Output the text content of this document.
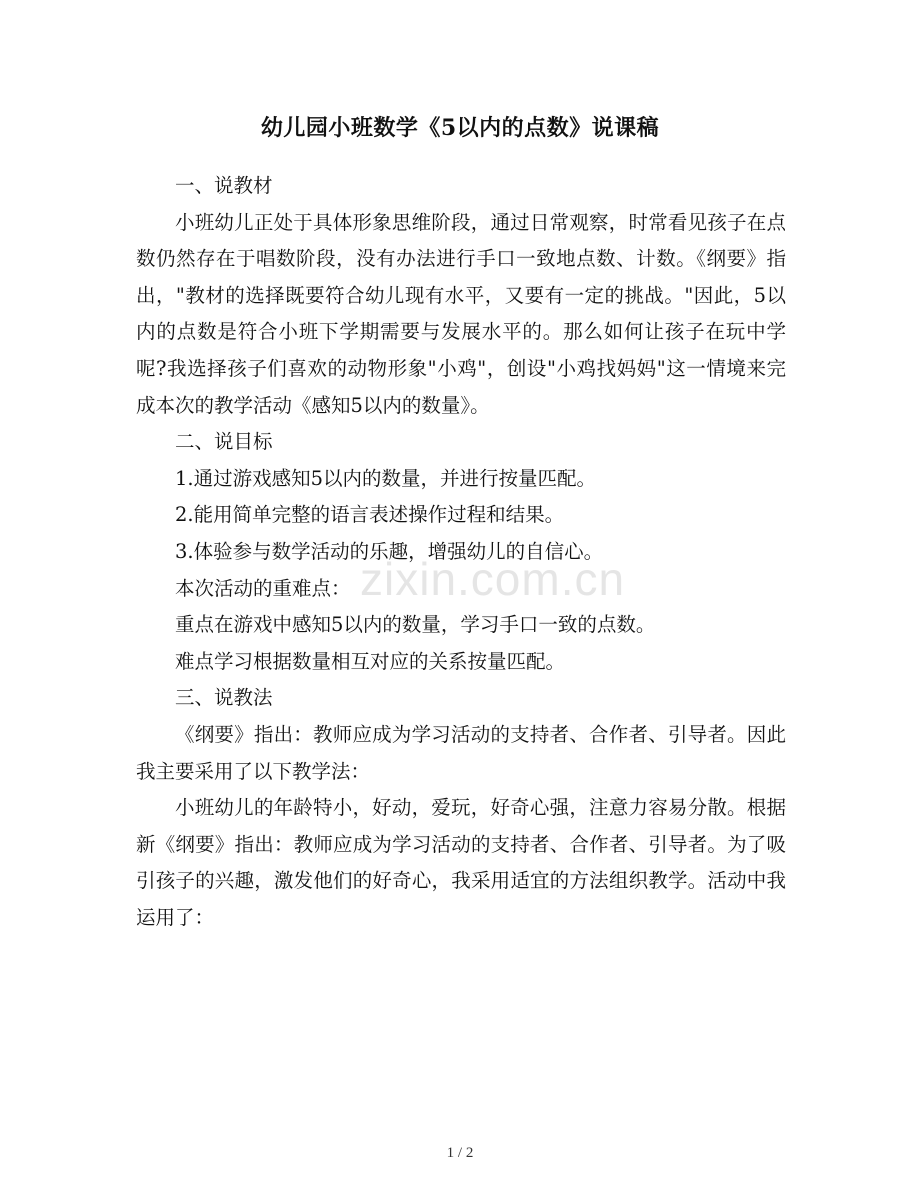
幼儿园小班数学《5以内的点数》说课稿

一、说教材

小班幼儿正处于具体形象思维阶段，通过日常观察，时常看见孩子在点数仍然存在于唱数阶段，没有办法进行手口一致地点数、计数。《纲要》指出，"教材的选择既要符合幼儿现有水平，又要有一定的挑战。"因此，5以内的点数是符合小班下学期需要与发展水平的。那么如何让孩子在玩中学呢?我选择孩子们喜欢的动物形象"小鸡"，创设"小鸡找妈妈"这一情境来完成本次的教学活动《感知5以内的数量》。

二、说目标

1.通过游戏感知5以内的数量，并进行按量匹配。

2.能用简单完整的语言表述操作过程和结果。

3.体验参与数学活动的乐趣，增强幼儿的自信心。

本次活动的重难点：

重点在游戏中感知5以内的数量，学习手口一致的点数。

难点学习根据数量相互对应的关系按量匹配。

三、说教法

《纲要》指出：教师应成为学习活动的支持者、合作者、引导者。因此我主要采用了以下教学法：

小班幼儿的年龄特小，好动，爱玩，好奇心强，注意力容易分散。根据新《纲要》指出：教师应成为学习活动的支持者、合作者、引导者。为了吸引孩子的兴趣，激发他们的好奇心，我采用适宜的方法组织教学。活动中我运用了：

zixin.com.cn
1 / 2
